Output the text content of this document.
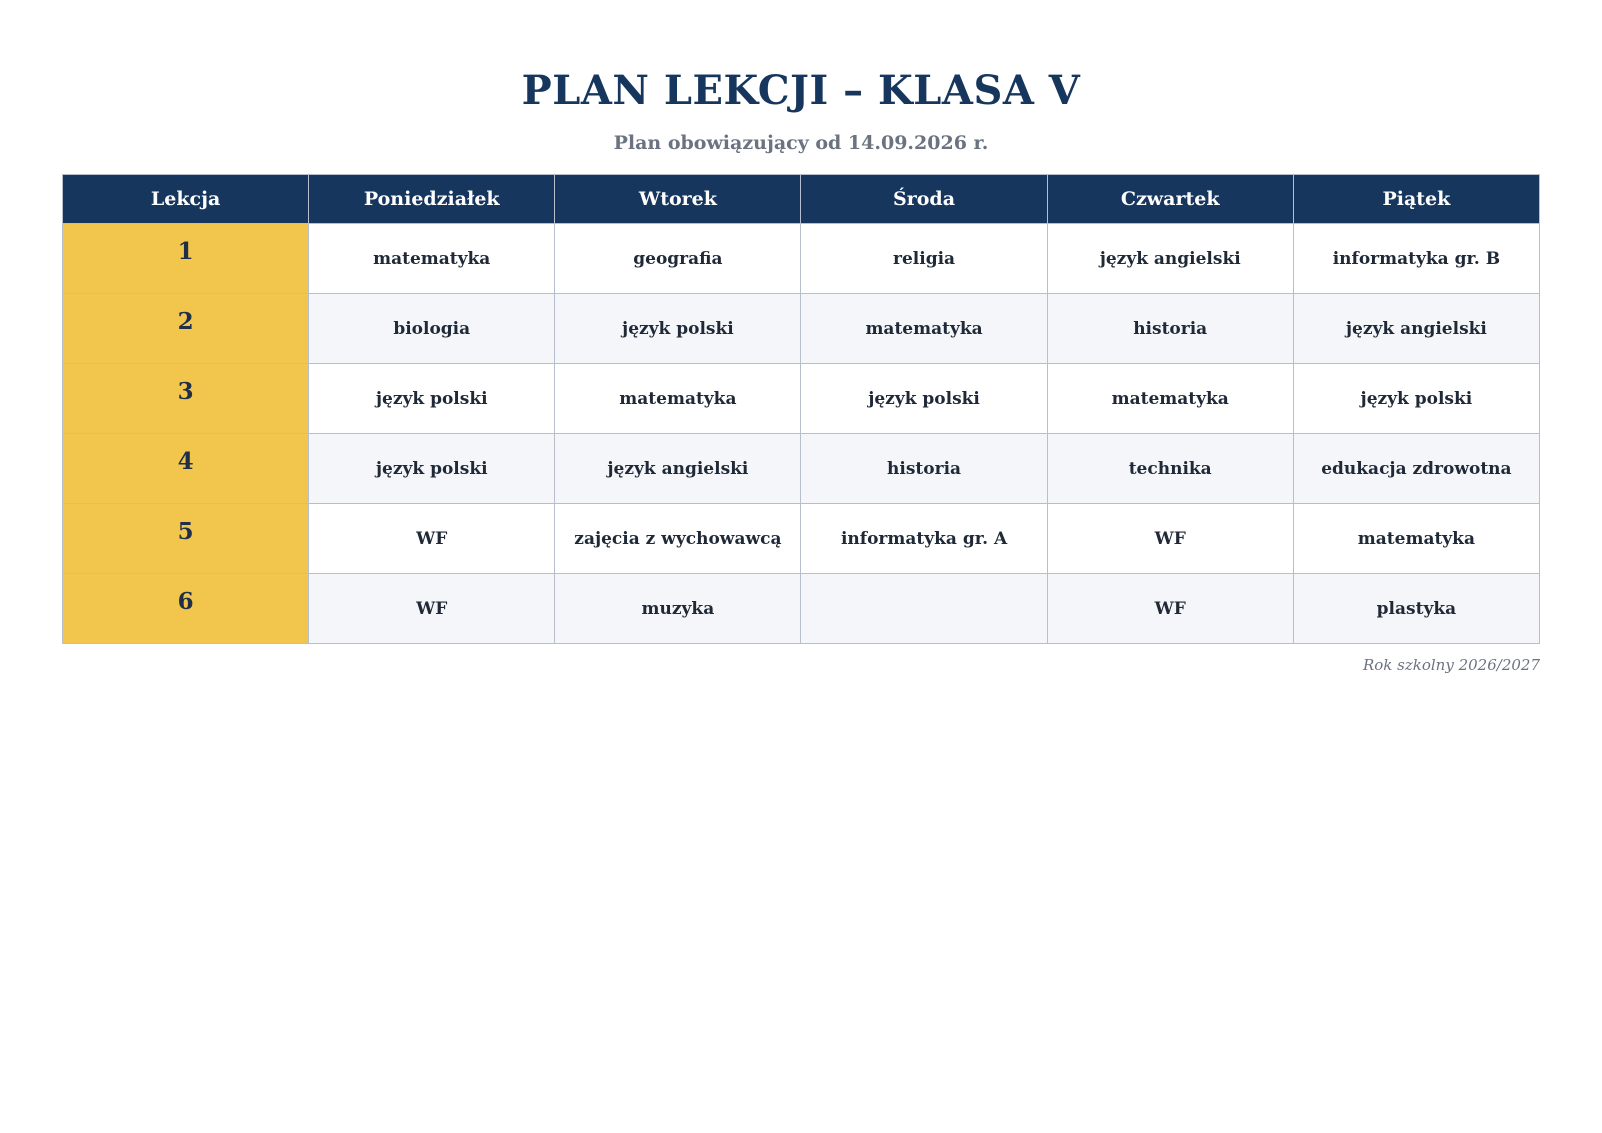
PLAN LEKCJI – KLASA V
Plan obowiązujący od 14.09.2026 r.
Lekcja	Poniedziałek	Wtorek	Środa	Czwartek	Piątek
1	matematyka	geografia	religia	język angielski	informatyka gr. B
2	biologia	język polski	matematyka	historia	język angielski
3	język polski	matematyka	język polski	matematyka	język polski
4	język polski	język angielski	historia	technika	edukacja zdrowotna
5	WF	zajęcia z wychowawcą	informatyka gr. A	WF	matematyka
6	WF	muzyka		WF	plastyka
Rok szkolny 2026/2027
